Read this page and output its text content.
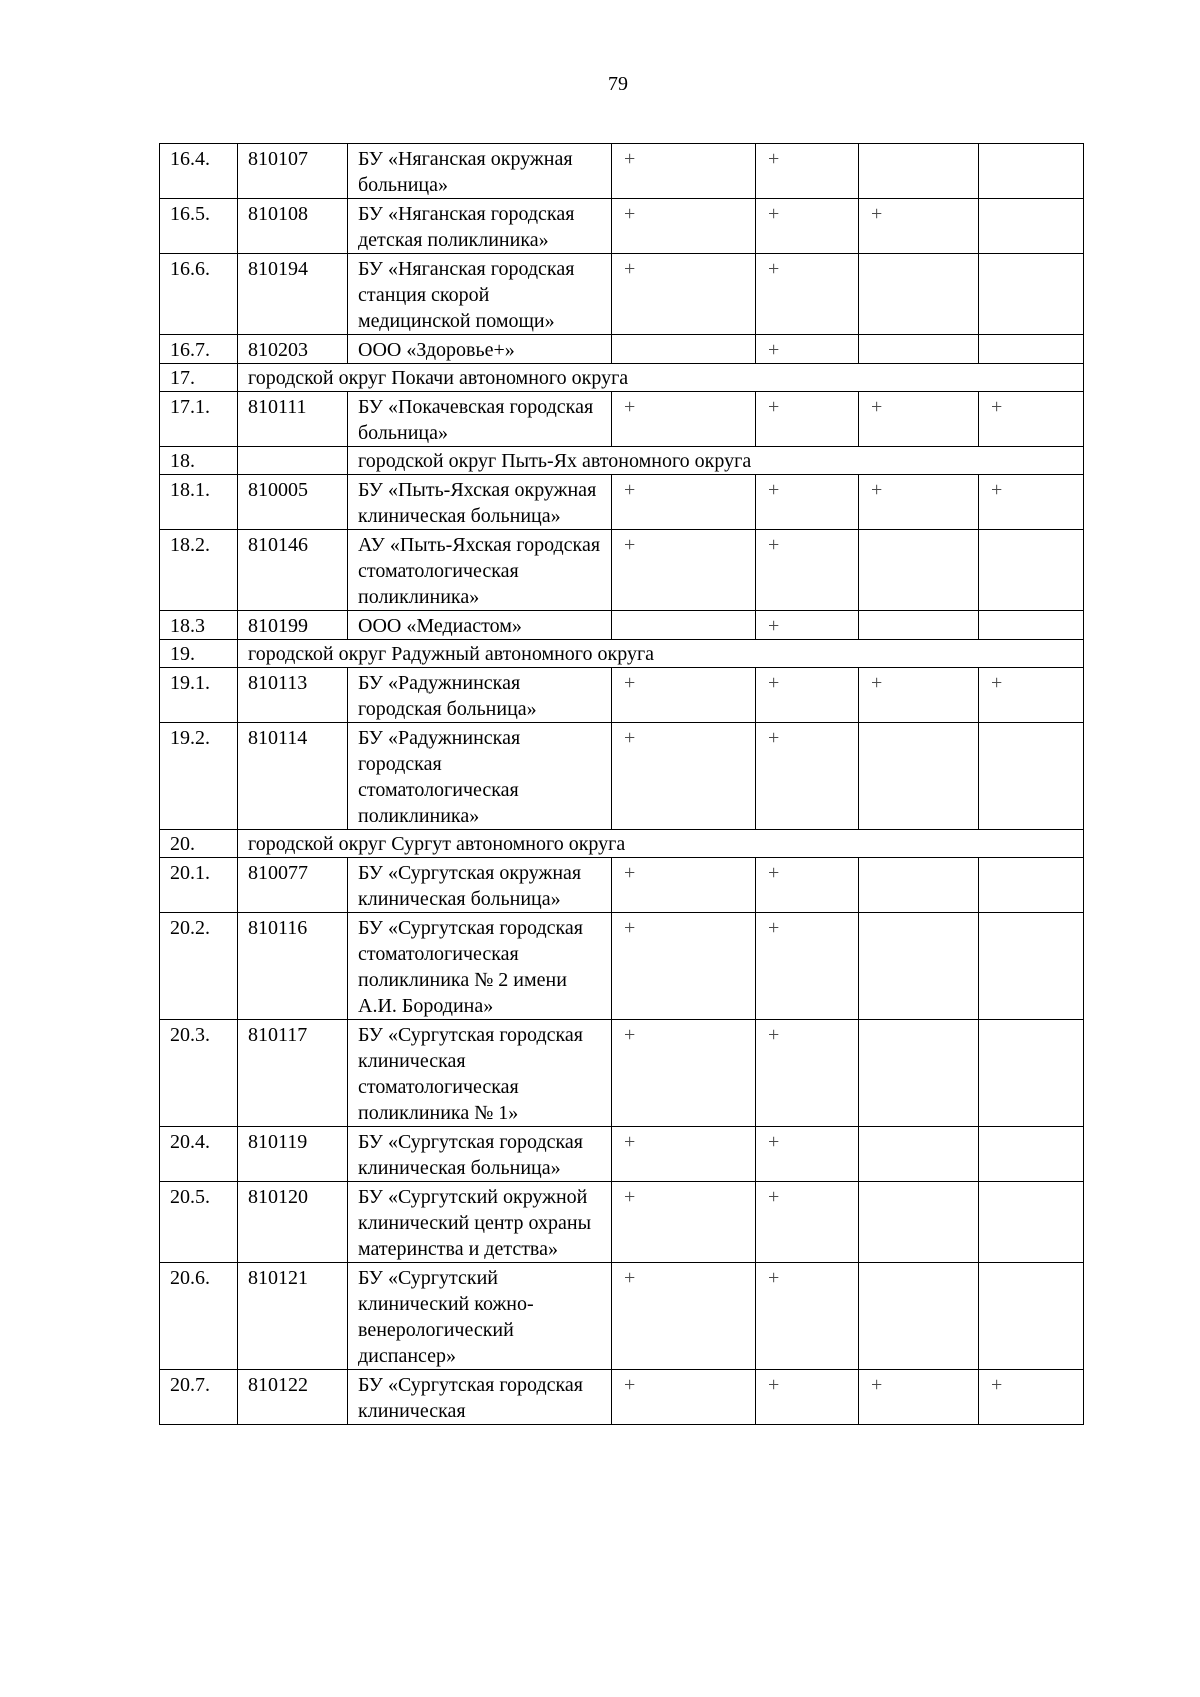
79
16.4.	810107	БУ «Няганская окружная больница»	+	+		
16.5.	810108	БУ «Няганская городская детская поликлиника»	+	+	+	
16.6.	810194	БУ «Няганская городская станция скорой медицинской помощи»	+	+		
16.7.	810203	ООО «Здоровье+»		+		
17.	городской округ Покачи автономного округа					
17.1.	810111	БУ «Покачевская городская больница»	+	+	+	+
18.		городской округ Пыть-Ях автономного округа				
18.1.	810005	БУ «Пыть-Яхская окружная клиническая больница»	+	+	+	+
18.2.	810146	АУ «Пыть-Яхская городская стоматологическая поликлиника»	+	+		
18.3	810199	ООО «Медиастом»		+		
19.	городской округ Радужный автономного округа					
19.1.	810113	БУ «Радужнинская городская больница»	+	+	+	+
19.2.	810114	БУ «Радужнинская городская стоматологическая поликлиника»	+	+		
20.	городской округ Сургут автономного округа					
20.1.	810077	БУ «Сургутская окружная клиническая больница»	+	+		
20.2.	810116	БУ «Сургутская городская стоматологическая поликлиника № 2 имени А.И. Бородина»	+	+		
20.3.	810117	БУ «Сургутская городская клиническая стоматологическая поликлиника № 1»	+	+		
20.4.	810119	БУ «Сургутская городская клиническая больница»	+	+		
20.5.	810120	БУ «Сургутский окружной клинический центр охраны материнства и детства»	+	+		
20.6.	810121	БУ «Сургутский клинический кожно-венерологический диспансер»	+	+		
20.7.	810122	БУ «Сургутская городская клиническая	+	+	+	+
